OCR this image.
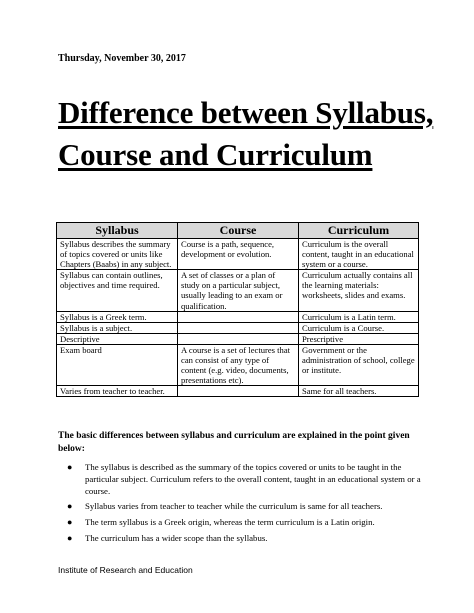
Thursday, November 30, 2017
Difference between Syllabus, Course and Curriculum
Syllabus	Course	Curriculum
Syllabus describes the summary of topics covered or units like Chapters (Baabs) in any subject.	Course is a path, sequence, development or evolution.	Curriculum is the overall content, taught in an educational system or a course.
Syllabus can contain outlines, objectives and time required.	A set of classes or a plan of study on a particular subject, usually leading to an exam or qualification.	Curriculum actually contains all the learning materials: worksheets, slides and exams.
Syllabus is a Greek term.		Curriculum is a Latin term.
Syllabus is a subject.		Curriculum is a Course.
Descriptive		Prescriptive
Exam board	A course is a set of lectures that can consist of any type of content (e.g. video, documents, presentations etc).	Government or the administration of school, college or institute.
Varies from teacher to teacher.		Same for all teachers.

The basic differences between syllabus and curriculum are explained in the point given below:

● The syllabus is described as the summary of the topics covered or units to be taught in the particular subject. Curriculum refers to the overall content, taught in an educational system or a course.
● Syllabus varies from teacher to teacher while the curriculum is same for all teachers.
● The term syllabus is a Greek origin, whereas the term curriculum is a Latin origin.
● The curriculum has a wider scope than the syllabus.
Institute of Research and Education
